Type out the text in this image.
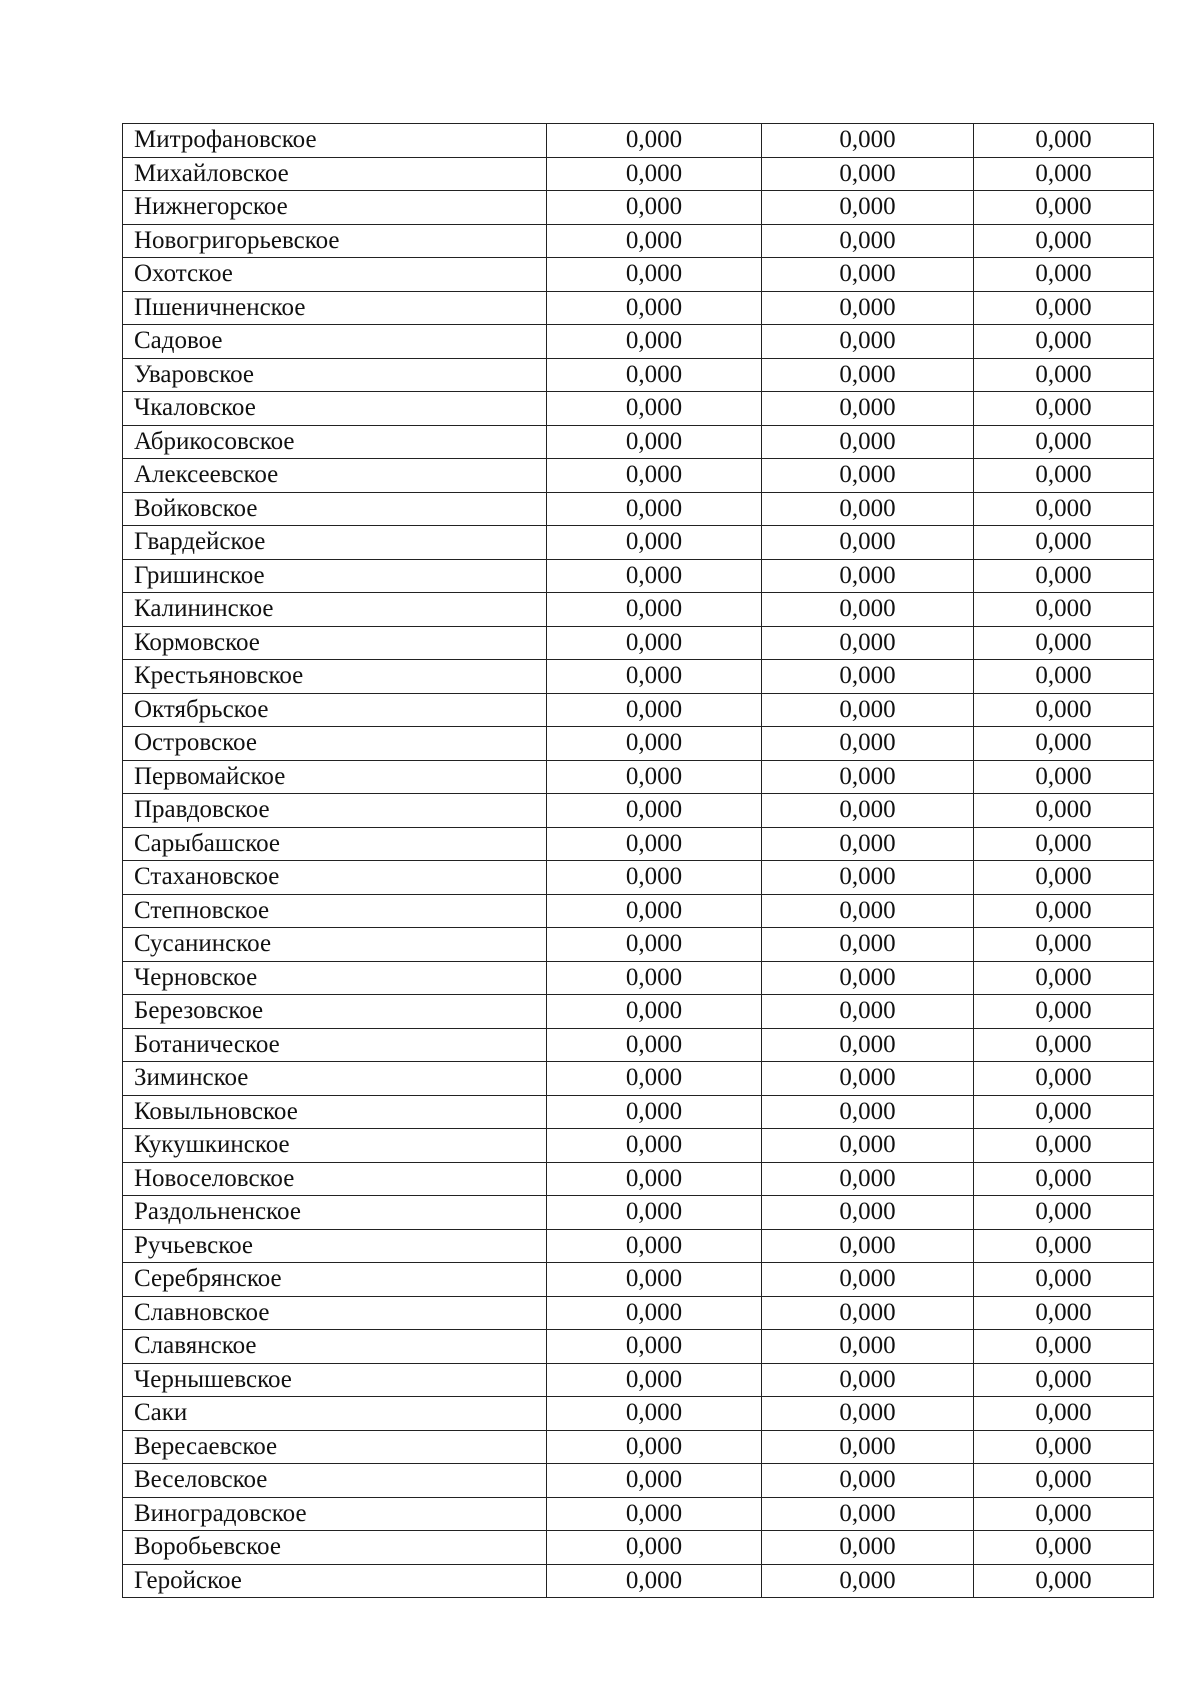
Митрофановское	0,000	0,000	0,000
Михайловское	0,000	0,000	0,000
Нижнегорское	0,000	0,000	0,000
Новогригорьевское	0,000	0,000	0,000
Охотское	0,000	0,000	0,000
Пшеничненское	0,000	0,000	0,000
Садовое	0,000	0,000	0,000
Уваровское	0,000	0,000	0,000
Чкаловское	0,000	0,000	0,000
Абрикосовское	0,000	0,000	0,000
Алексеевское	0,000	0,000	0,000
Войковское	0,000	0,000	0,000
Гвардейское	0,000	0,000	0,000
Гришинское	0,000	0,000	0,000
Калининское	0,000	0,000	0,000
Кормовское	0,000	0,000	0,000
Крестьяновское	0,000	0,000	0,000
Октябрьское	0,000	0,000	0,000
Островское	0,000	0,000	0,000
Первомайское	0,000	0,000	0,000
Правдовское	0,000	0,000	0,000
Сарыбашское	0,000	0,000	0,000
Стахановское	0,000	0,000	0,000
Степновское	0,000	0,000	0,000
Сусанинское	0,000	0,000	0,000
Черновское	0,000	0,000	0,000
Березовское	0,000	0,000	0,000
Ботаническое	0,000	0,000	0,000
Зиминское	0,000	0,000	0,000
Ковыльновское	0,000	0,000	0,000
Кукушкинское	0,000	0,000	0,000
Новоселовское	0,000	0,000	0,000
Раздольненское	0,000	0,000	0,000
Ручьевское	0,000	0,000	0,000
Серебрянское	0,000	0,000	0,000
Славновское	0,000	0,000	0,000
Славянское	0,000	0,000	0,000
Чернышевское	0,000	0,000	0,000
Саки	0,000	0,000	0,000
Вересаевское	0,000	0,000	0,000
Веселовское	0,000	0,000	0,000
Виноградовское	0,000	0,000	0,000
Воробьевское	0,000	0,000	0,000
Геройское	0,000	0,000	0,000
